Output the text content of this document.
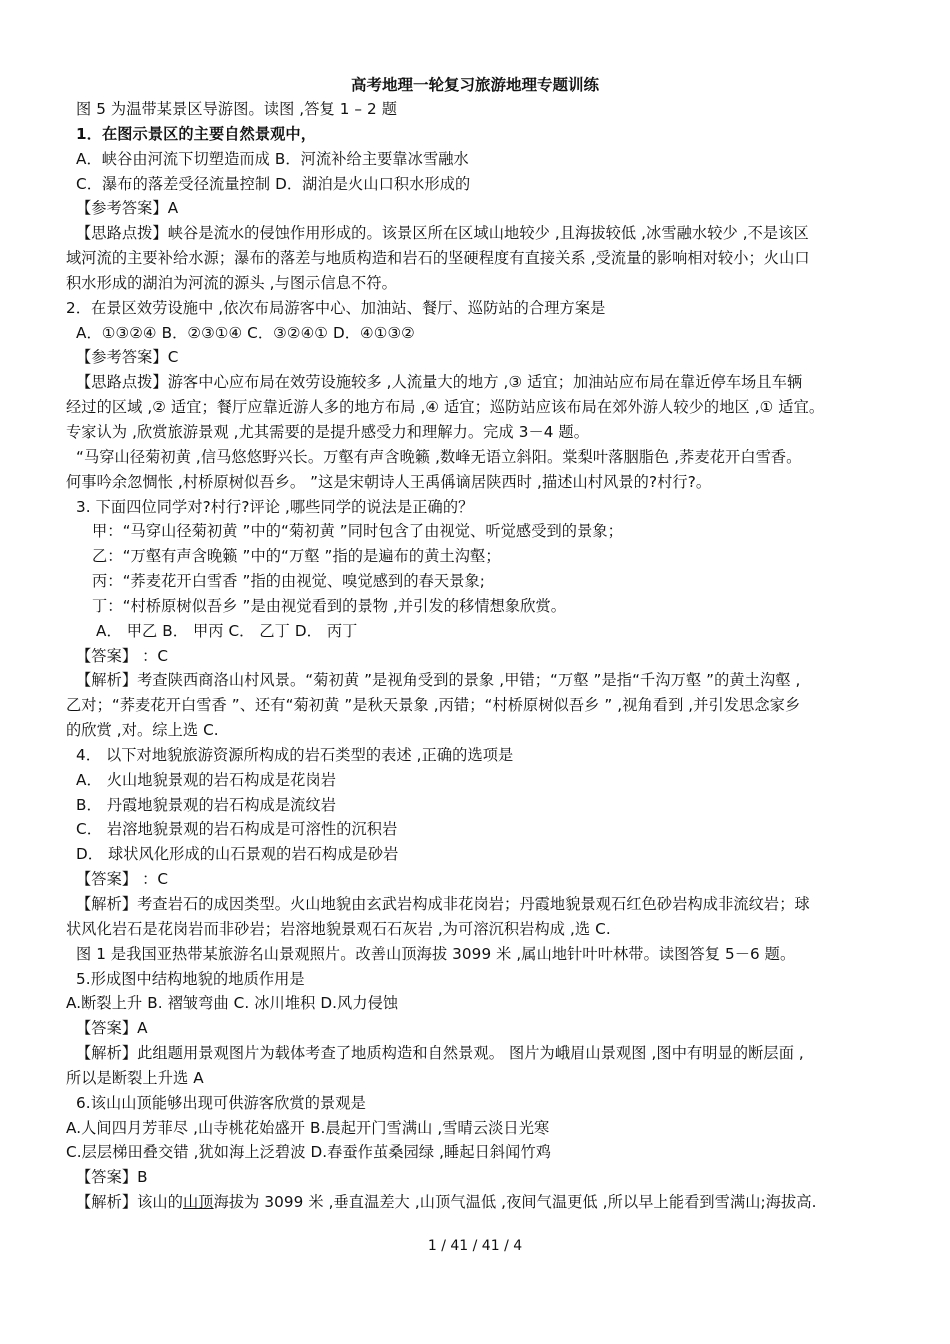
高考地理一轮复习旅游地理专题训练
图 5 为温带某景区导游图。读图 ,答复 1 – 2 题
1．在图示景区的主要自然景观中，
A．峡谷由河流下切塑造而成 B．河流补给主要靠冰雪融水
C．瀑布的落差受径流量控制 D．湖泊是火山口积水形成的
【参考答案】A
【思路点拨】峡谷是流水的侵蚀作用形成的。该景区所在区域山地较少 ,且海拔较低 ,冰雪融水较少 ,不是该区
域河流的主要补给水源；瀑布的落差与地质构造和岩石的坚硬程度有直接关系 ,受流量的影响相对较小；火山口
积水形成的湖泊为河流的源头 ,与图示信息不符。
2．在景区效劳设施中 ,依次布局游客中心、加油站、餐厅、巡防站的合理方案是
A．①③②④ B．②③①④ C．③②④① D．④①③②
【参考答案】C
【思路点拨】游客中心应布局在效劳设施较多 ,人流量大的地方 ,③ 适宜；加油站应布局在靠近停车场且车辆
经过的区域 ,② 适宜；餐厅应靠近游人多的地方布局 ,④ 适宜；巡防站应该布局在郊外游人较少的地区 ,① 适宜。
专家认为 ,欣赏旅游景观 ,尤其需要的是提升感受力和理解力。完成 3－4 题。
“马穿山径菊初黄 ,信马悠悠野兴长。万壑有声含晚籁 ,数峰无语立斜阳。棠梨叶落胭脂色 ,荞麦花开白雪香。
何事吟余忽惆怅 ,村桥原树似吾乡。 ”这是宋朝诗人王禹偁谪居陕西时 ,描述山村风景的?村行?。
3. 下面四位同学对?村行?评论 ,哪些同学的说法是正确的？
甲：“马穿山径菊初黄 ”中的“菊初黄 ”同时包含了由视觉、听觉感受到的景象；
乙：“万壑有声含晚籁 ”中的“万壑 ”指的是遍布的黄土沟壑；
丙：“荞麦花开白雪香 ”指的由视觉、嗅觉感到的春天景象;
丁：“村桥原树似吾乡 ”是由视觉看到的景物 ,并引发的移情想象欣赏。
A． 甲乙 B． 甲丙 C． 乙丁 D． 丙丁
【答案】 ：C
【解析】考查陕西商洛山村风景。“菊初黄 ”是视角受到的景象 ,甲错；“万壑 ”是指“千沟万壑 ”的黄土沟壑 ,
乙对；“荞麦花开白雪香 ”、还有“菊初黄 ”是秋天景象 ,丙错；“村桥原树似吾乡 ” ,视角看到 ,并引发思念家乡
的欣赏 ,对。综上选 C.
4． 以下对地貌旅游资源所构成的岩石类型的表述 ,正确的选项是
A． 火山地貌景观的岩石构成是花岗岩
B． 丹霞地貌景观的岩石构成是流纹岩
C． 岩溶地貌景观的岩石构成是可溶性的沉积岩
D． 球状风化形成的山石景观的岩石构成是砂岩
【答案】 ：C
【解析】考查岩石的成因类型。火山地貌由玄武岩构成非花岗岩；丹霞地貌景观石红色砂岩构成非流纹岩；球
状风化岩石是花岗岩而非砂岩；岩溶地貌景观石石灰岩 ,为可溶沉积岩构成 ,选 C.
图 1 是我国亚热带某旅游名山景观照片。改善山顶海拔 3099 米 ,属山地针叶叶林带。读图答复 5－6 题。
5.形成图中结构地貌的地质作用是
A.断裂上升 B. 褶皱弯曲 C. 冰川堆积 D.风力侵蚀
【答案】A
【解析】此组题用景观图片为载体考查了地质构造和自然景观。 图片为峨眉山景观图 ,图中有明显的断层面 ,
所以是断裂上升选 A
6.该山山顶能够出现可供游客欣赏的景观是
A.人间四月芳菲尽 ,山寺桃花始盛开 B.晨起开门雪满山 ,雪晴云淡日光寒
C.层层梯田叠交错 ,犹如海上泛碧波 D.春蚕作茧桑园绿 ,睡起日斜闻竹鸡
【答案】B
【解析】该山的山顶海拔为 3099 米 ,垂直温差大 ,山顶气温低 ,夜间气温更低 ,所以早上能看到雪满山;海拔高.
1 / 41 / 41 / 4
